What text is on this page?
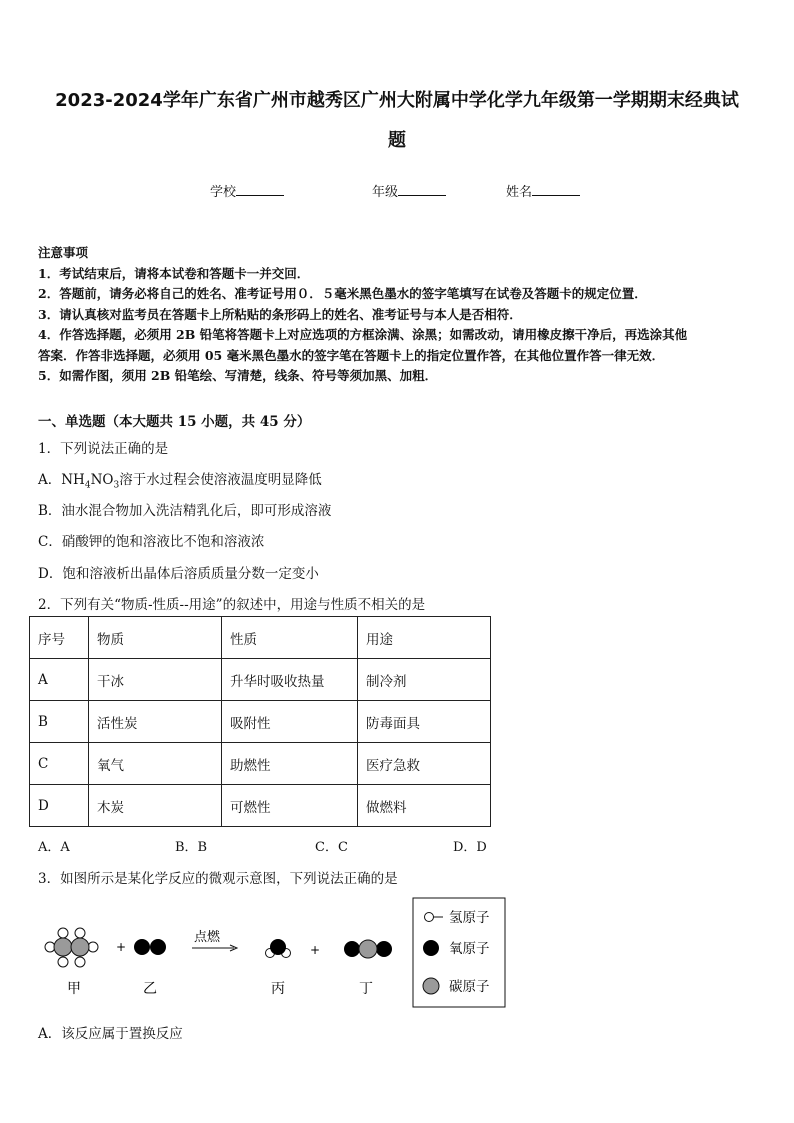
2023-2024学年广东省广州市越秀区广州大附属中学化学九年级第一学期期末经典试
题
学校	年级	姓名
注意事项
1．考试结束后，请将本试卷和答题卡一并交回．
2．答题前，请务必将自己的姓名、准考证号用０．５毫米黑色墨水的签字笔填写在试卷及答题卡的规定位置．
3．请认真核对监考员在答题卡上所粘贴的条形码上的姓名、准考证号与本人是否相符．
4．作答选择题，必须用 2B 铅笔将答题卡上对应选项的方框涂满、涂黑；如需改动，请用橡皮擦干净后，再选涂其他
答案．作答非选择题，必须用 05 毫米黑色墨水的签字笔在答题卡上的指定位置作答，在其他位置作答一律无效．
5．如需作图，须用 2B 铅笔绘、写清楚，线条、符号等须加黑、加粗．
一、单选题（本大题共 15 小题，共 45 分）
1．下列说法正确的是
A．$NH_4NO_3$溶于水过程会使溶液温度明显降低
B．油水混合物加入洗洁精乳化后，即可形成溶液
C．硝酸钾的饱和溶液比不饱和溶液浓
D．饱和溶液析出晶体后溶质质量分数一定变小
2．下列有关“物质-性质--用途”的叙述中，用途与性质不相关的是
序号	物质	性质	用途
A	干冰	升华时吸收热量	制冷剂
B	活性炭	吸附性	防毒面具
C	氧气	助燃性	医疗急救
D	木炭	可燃性	做燃料
A．A	B．B	C．C	D．D
3．如图所示是某化学反应的微观示意图，下列说法正确的是
+
点燃
+
甲	乙	丙	丁
氢原子
氧原子
碳原子
A．该反应属于置换反应
